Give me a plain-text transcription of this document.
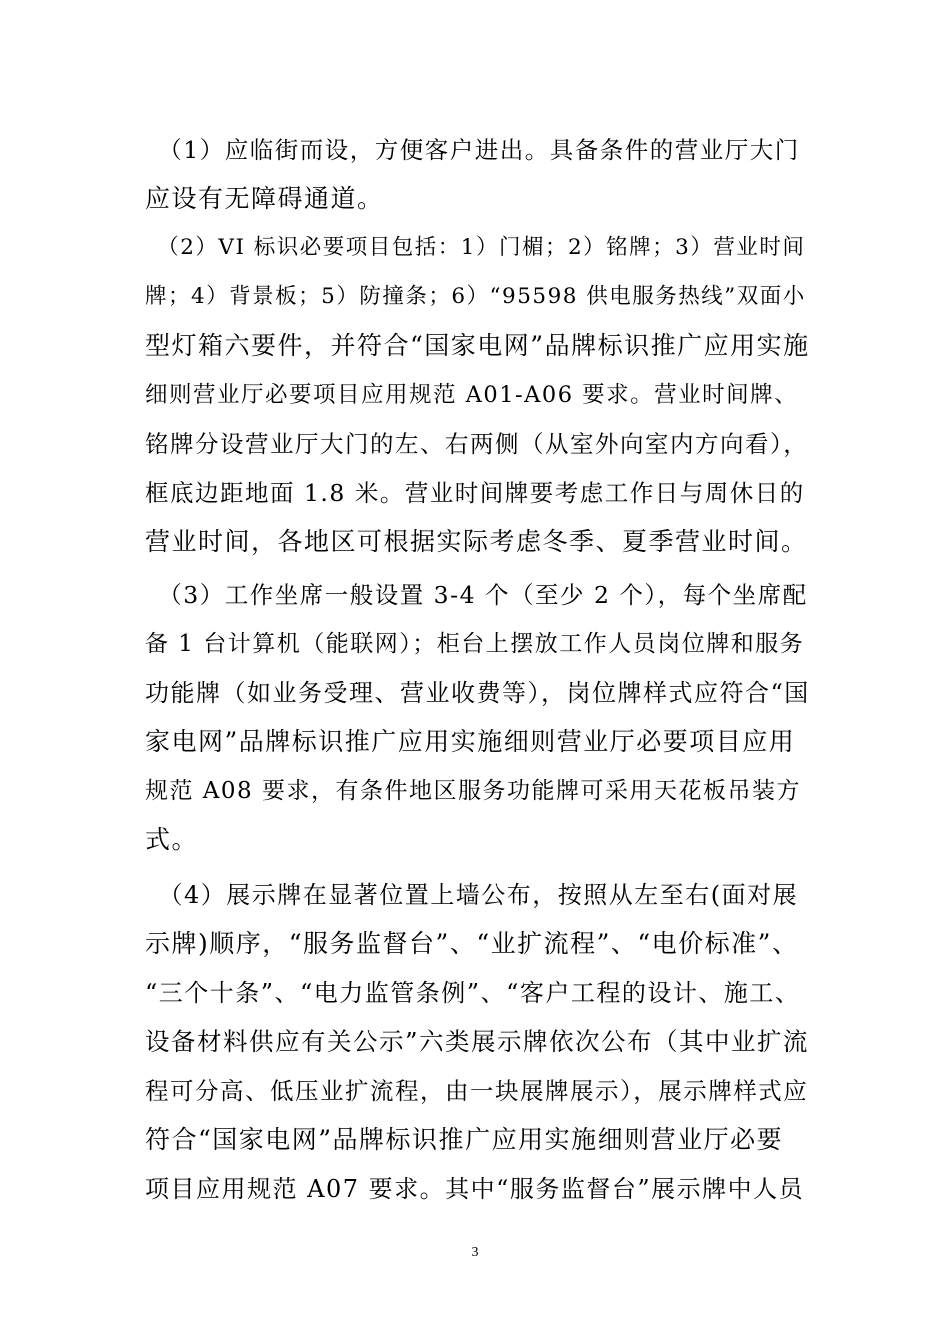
　（1）应临街而设，方便客户进出。具备条件的营业厅大门
应设有无障碍通道。
　（2）VI 标识必要项目包括：1）门楣；2）铭牌；3）营业时间
牌；4）背景板；5）防撞条；6）“95598 供电服务热线”双面小
型灯箱六要件，并符合“国家电网”品牌标识推广应用实施
细则营业厅必要项目应用规范 A01-A06 要求。营业时间牌、
铭牌分设营业厅大门的左、右两侧（从室外向室内方向看），
框底边距地面 1.8 米。营业时间牌要考虑工作日与周休日的
营业时间，各地区可根据实际考虑冬季、夏季营业时间。
　（3）工作坐席一般设置 3-4 个（至少 2 个），每个坐席配
备 1 台计算机（能联网）；柜台上摆放工作人员岗位牌和服务
功能牌（如业务受理、营业收费等），岗位牌样式应符合“国
家电网”品牌标识推广应用实施细则营业厅必要项目应用
规范 A08 要求，有条件地区服务功能牌可采用天花板吊装方
式。
　（4）展示牌在显著位置上墙公布，按照从左至右(面对展
示牌)顺序，“服务监督台”、“业扩流程”、“电价标准”、
“三个十条”、“电力监管条例”、“客户工程的设计、施工、
设备材料供应有关公示”六类展示牌依次公布（其中业扩流
程可分高、低压业扩流程，由一块展牌展示），展示牌样式应
符合“国家电网”品牌标识推广应用实施细则营业厅必要
项目应用规范 A07 要求。其中“服务监督台”展示牌中人员
3
